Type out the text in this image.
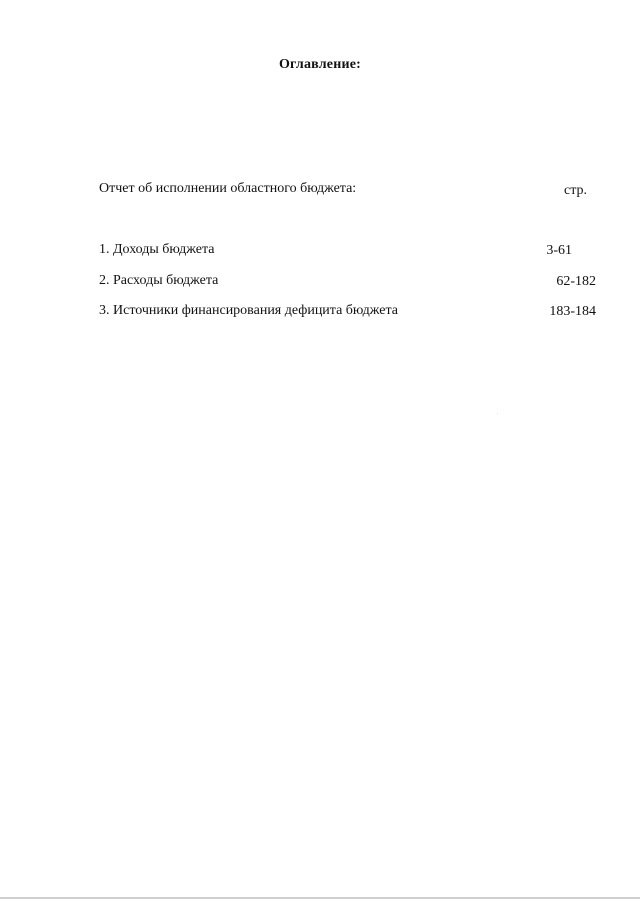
Оглавление:
Отчет об исполнении областного бюджета:	стр.
1. Доходы бюджета	3-61
2. Расходы бюджета	62-182
3. Источники финансирования дефицита бюджета	183-184
